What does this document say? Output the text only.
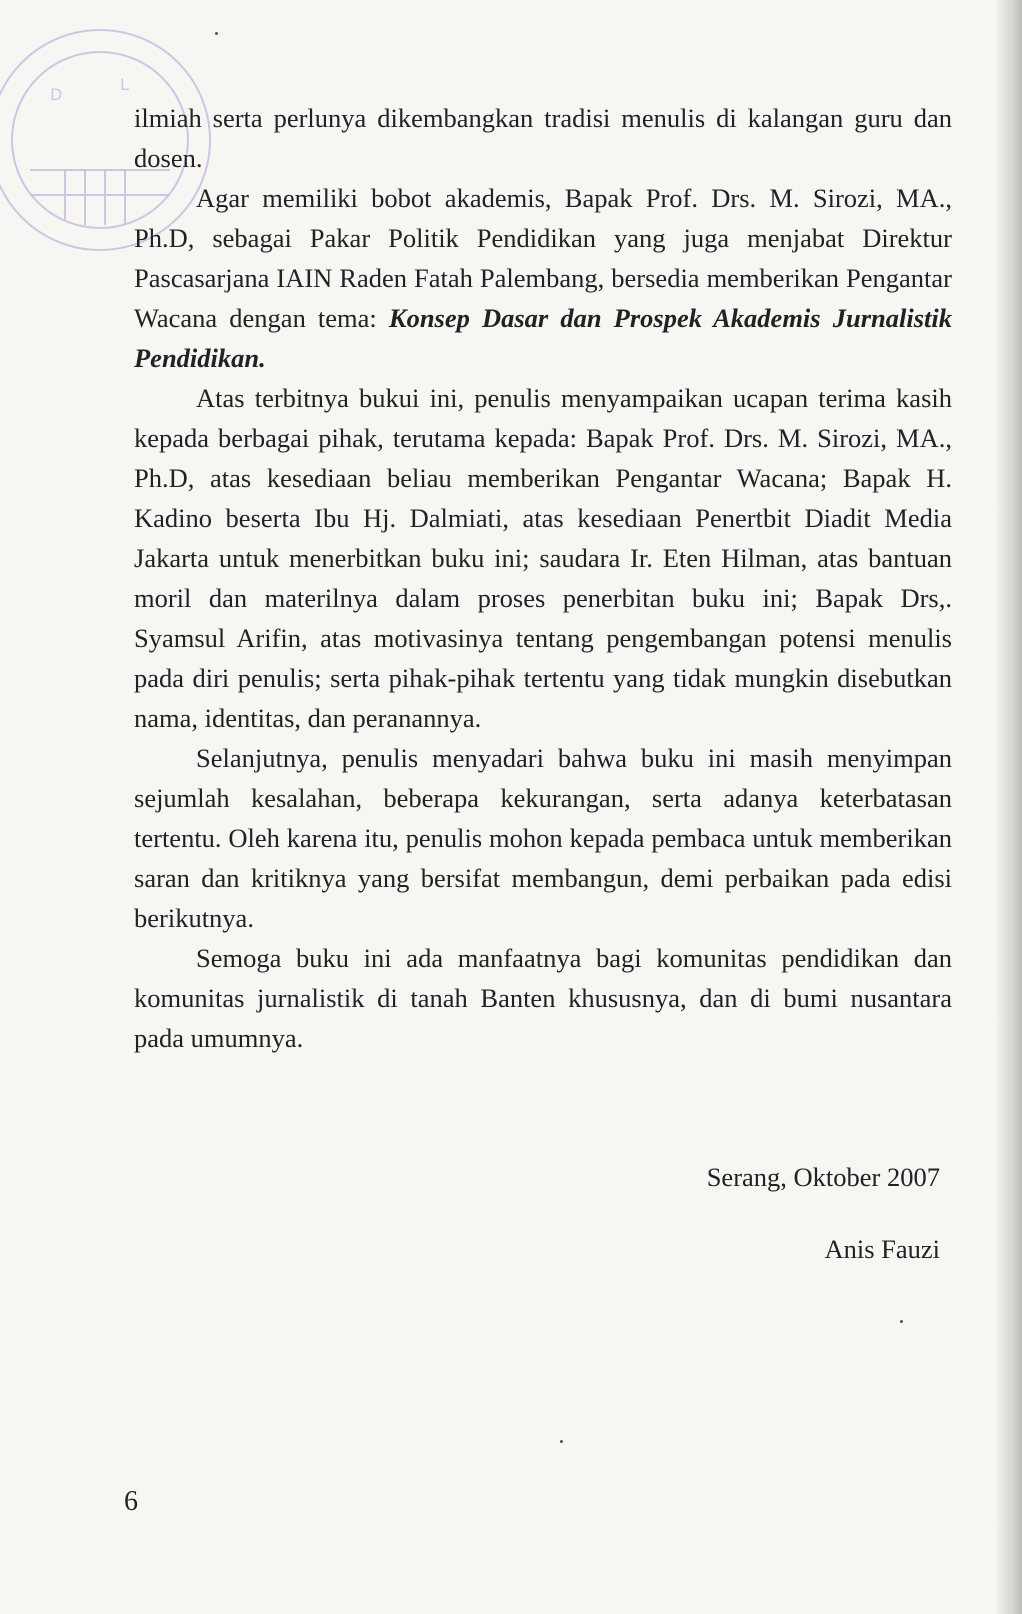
D
L

ilmiah serta perlunya dikembangkan tradisi menulis di kalangan guru dan dosen.

Agar memiliki bobot akademis, Bapak Prof. Drs. M. Sirozi, MA., Ph.D, sebagai Pakar Politik Pendidikan yang juga menjabat Direktur Pascasarjana IAIN Raden Fatah Palembang, bersedia memberikan Pengantar Wacana dengan tema: Konsep Dasar dan Prospek Akademis Jurnalistik Pendidikan.

Atas terbitnya bukui ini, penulis menyampaikan ucapan terima kasih kepada berbagai pihak, terutama kepada: Bapak Prof. Drs. M. Sirozi, MA., Ph.D, atas kesediaan beliau memberikan Pengantar Wacana; Bapak H. Kadino beserta Ibu Hj. Dalmiati, atas kesediaan Penertbit Diadit Media Jakarta untuk menerbitkan buku ini; saudara Ir. Eten Hilman, atas bantuan moril dan materilnya dalam proses penerbitan buku ini; Bapak Drs,. Syamsul Arifin, atas motivasinya tentang pengembangan potensi menulis pada diri penulis; serta pihak-pihak tertentu yang tidak mungkin disebutkan nama, identitas, dan peranannya.

Selanjutnya, penulis menyadari bahwa buku ini masih menyimpan sejumlah kesalahan, beberapa kekurangan, serta adanya keterbatasan tertentu. Oleh karena itu, penulis mohon kepada pembaca untuk memberikan saran dan kritiknya yang bersifat membangun, demi perbaikan pada edisi berikutnya.

Semoga buku ini ada manfaatnya bagi komunitas pendidikan dan komunitas jurnalistik di tanah Banten khususnya, dan di bumi nusantara pada umumnya.

Serang, Oktober 2007
Anis Fauzi
6
